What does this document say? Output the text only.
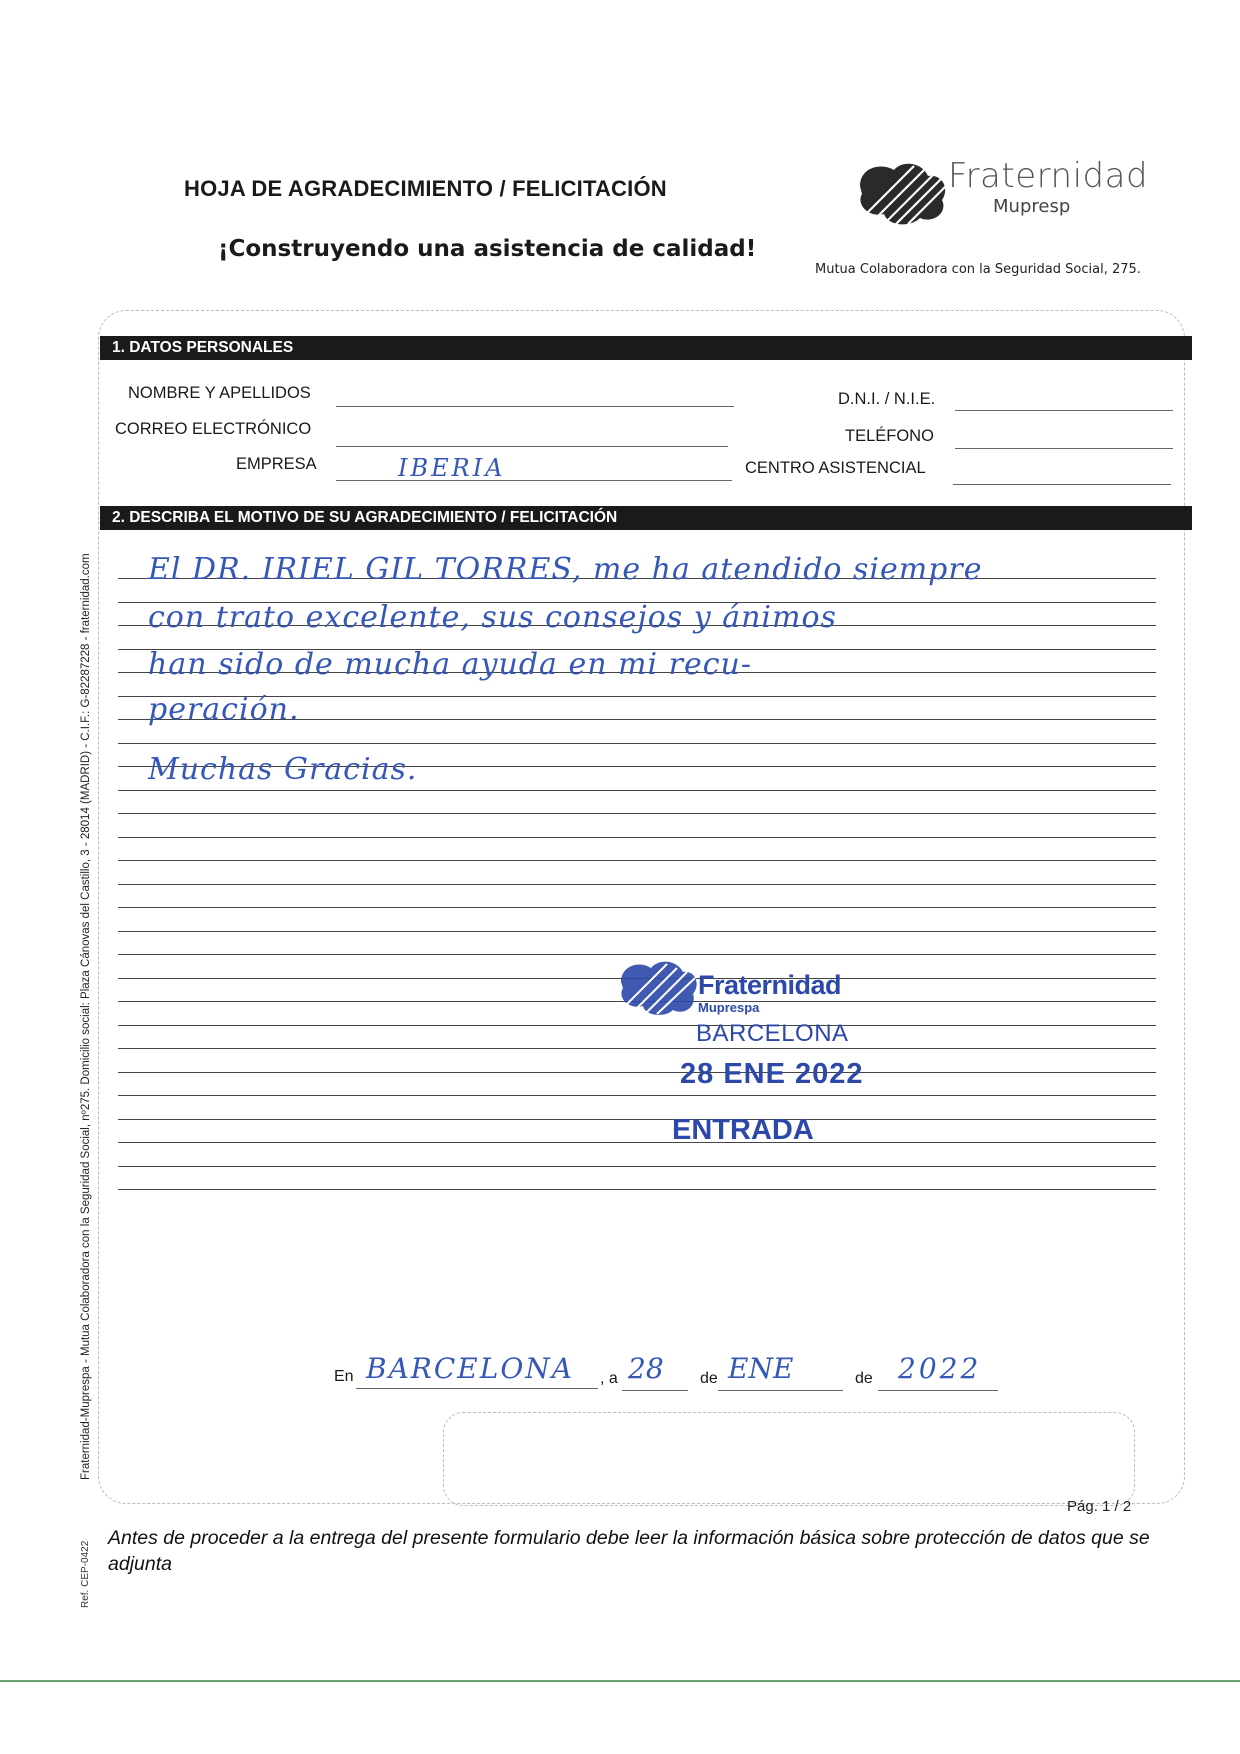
HOJA DE AGRADECIMIENTO / FELICITACIÓN
¡Construyendo una asistencia de calidad!
Fraternidad
Mupresp
Mutua Colaboradora con la Seguridad Social, 275.
Fraternidad-Muprespa - Mutua Colaboradora con la Seguridad Social, nº275. Domicilio social: Plaza Cánovas del Castillo, 3 - 28014 (MADRID) - C.I.F.: G-82287228 - fraternidad.com
Ref. CEP-0422
1. DATOS PERSONALES
NOMBRE Y APELLIDOS
CORREO ELECTRÓNICO
EMPRESA	IBERIA
D.N.I. / N.I.E.
TELÉFONO
CENTRO ASISTENCIAL
2. DESCRIBA EL MOTIVO DE SU AGRADECIMIENTO / FELICITACIÓN
El DR. IRIEL GIL TORRES, me ha atendido siempre
con trato excelente, sus consejos y ánimos
han sido de mucha ayuda en mi recu-
peración.
Muchas Gracias.
Fraternidad
Muprespa
BARCELONA
28 ENE 2022
ENTRADA
En BARCELONA , a 28 de ENE	de 2022
Pág. 1 / 2
Antes de proceder a la entrega del presente formulario debe leer la información básica sobre protección de datos que se adjunta
